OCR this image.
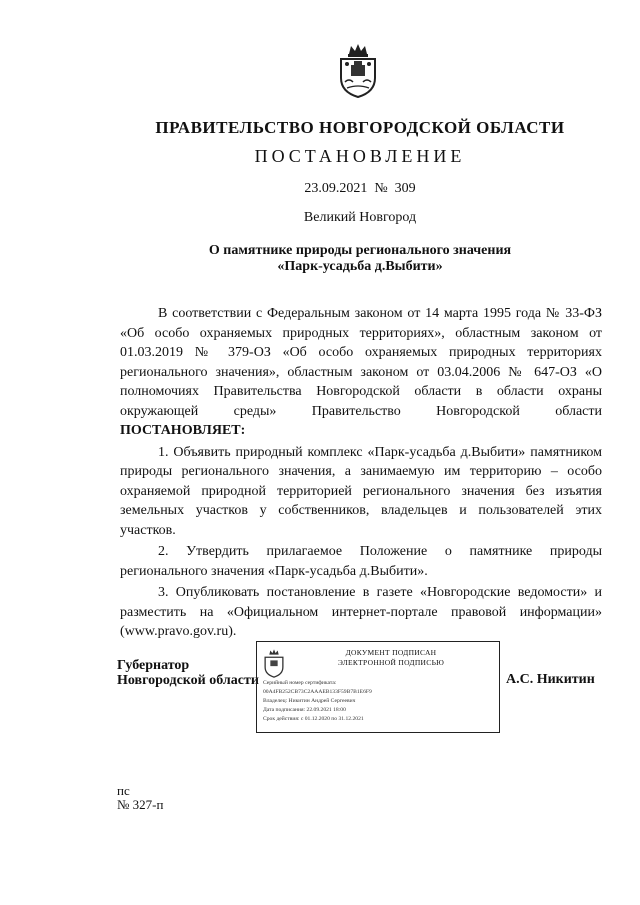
ПРАВИТЕЛЬСТВО НОВГОРОДСКОЙ ОБЛАСТИ
ПОСТАНОВЛЕНИЕ
23.09.2021 № 309
Великий Новгород
О памятнике природы регионального значения
«Парк-усадьба д.Выбити»

В соответствии с Федеральным законом от 14 марта 1995 года № 33-ФЗ «Об особо охраняемых природных территориях», областным законом от 01.03.2019 № 379-ОЗ «Об особо охраняемых природных территориях регионального значения», областным законом от 03.04.2006 № 647-ОЗ «О полномочиях Правительства Новгородской области в области охраны окружающей среды» Правительство Новгородской области ПОСТАНОВЛЯЕТ:

1. Объявить природный комплекс «Парк-усадьба д.Выбити» памятником природы регионального значения, а занимаемую им территорию – особо охраняемой природной территорией регионального значения без изъятия земельных участков у собственников, владельцев и пользователей этих участков.

2. Утвердить прилагаемое Положение о памятнике природы регионального значения «Парк-усадьба д.Выбити».

3. Опубликовать постановление в газете «Новгородские ведомости» и разместить на «Официальном интернет-портале правовой информации» (www.pravo.gov.ru).

Губернатор
Новгородской области
ДОКУМЕНТ ПОДПИСАН
ЭЛЕКТРОННОЙ ПОДПИСЬЮ
Серийный номер сертификата:
00A4FB252CB73C2AAAEB133F59B7B1E6F9
Владелец: Никитин Андрей Сергеевич
Дата подписания: 22.09.2021 18:00
Срок действия: с 01.12.2020 по 31.12.2021
А.С. Никитин
пс
№ 327-п
